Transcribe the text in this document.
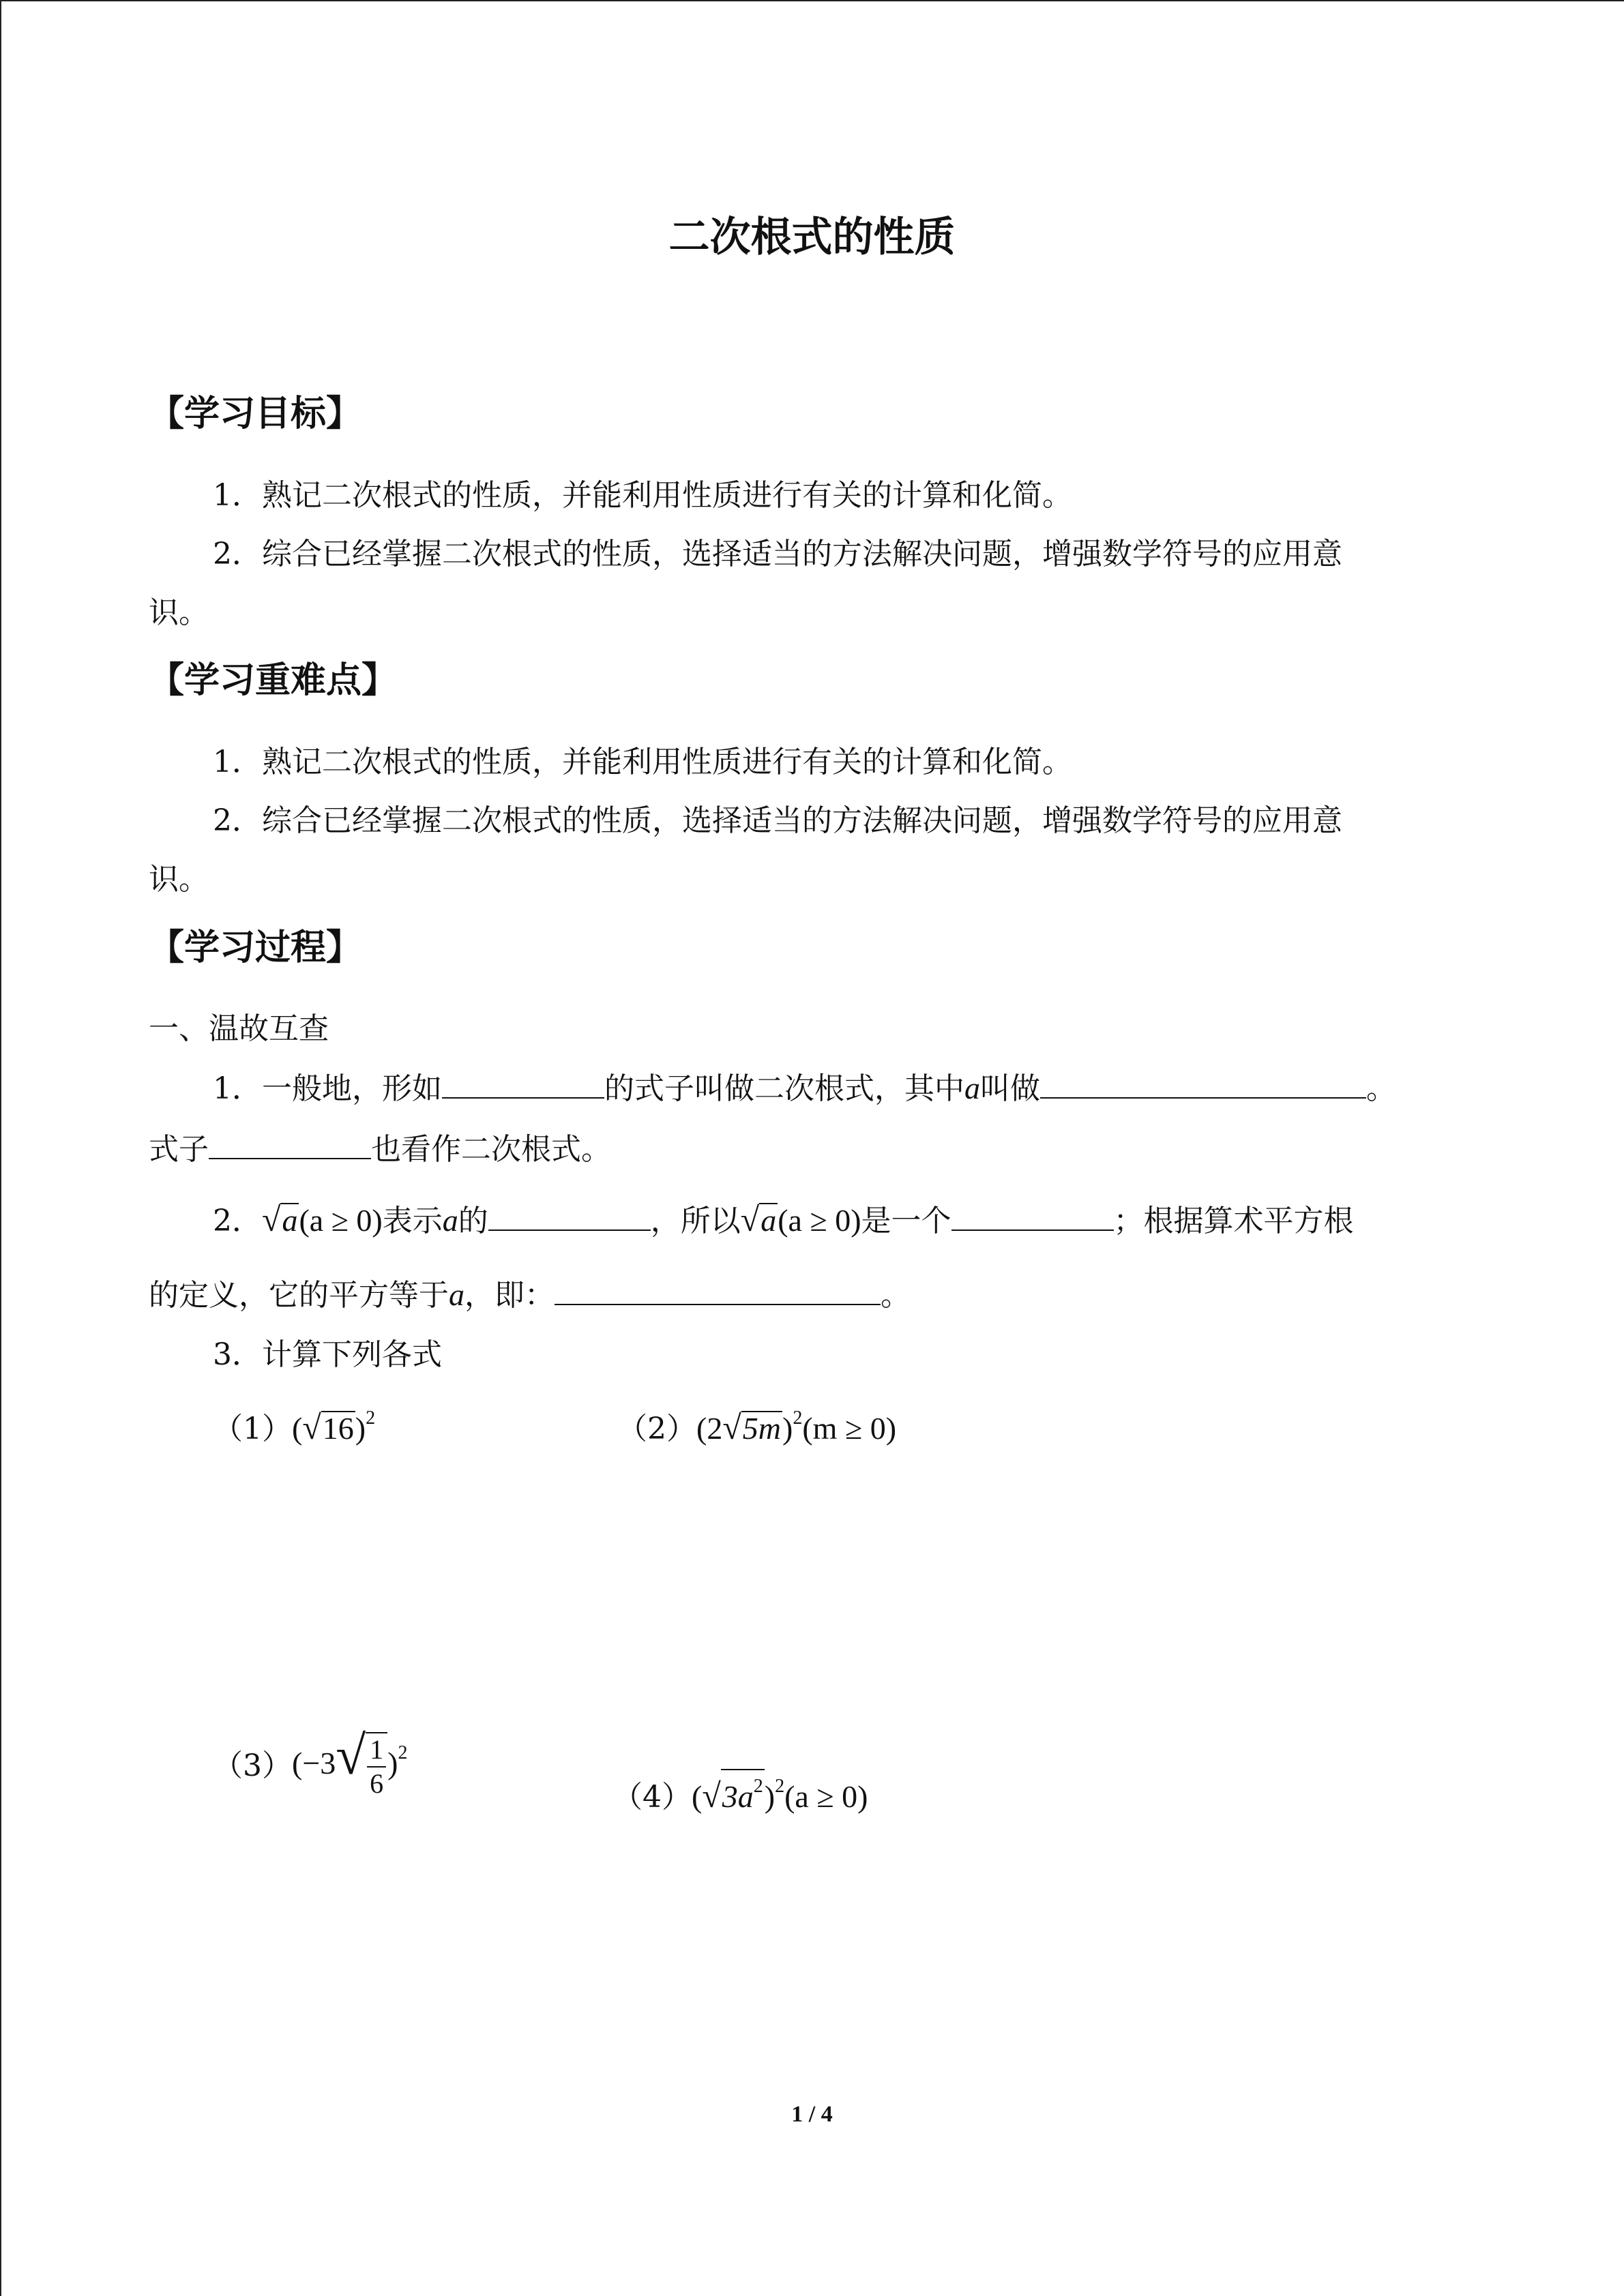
二次根式的性质
【学习目标】
1．熟记二次根式的性质，并能利用性质进行有关的计算和化简。
2．综合已经掌握二次根式的性质，选择适当的方法解决问题，增强数学符号的应用意
识。
【学习重难点】
1．熟记二次根式的性质，并能利用性质进行有关的计算和化简。
2．综合已经掌握二次根式的性质，选择适当的方法解决问题，增强数学符号的应用意
识。
【学习过程】
一、温故互查
1．一般地，形如	的式子叫做二次根式，其中a叫做	。
式子	也看作二次根式。
2．√a(a ≥ 0)表示a的	，所以√a(a ≥ 0)是一个	；根据算术平方根
的定义，它的平方等于a，即：	。
3．计算下列各式
$(1)(√16)^2$	$(2)(2√5m)^2(m \ge 0)$
$(3)(-3√ \frac{1}{6} )^2$
$(4)(√3a^2)^2(a \ge 0)$
1 / 4
